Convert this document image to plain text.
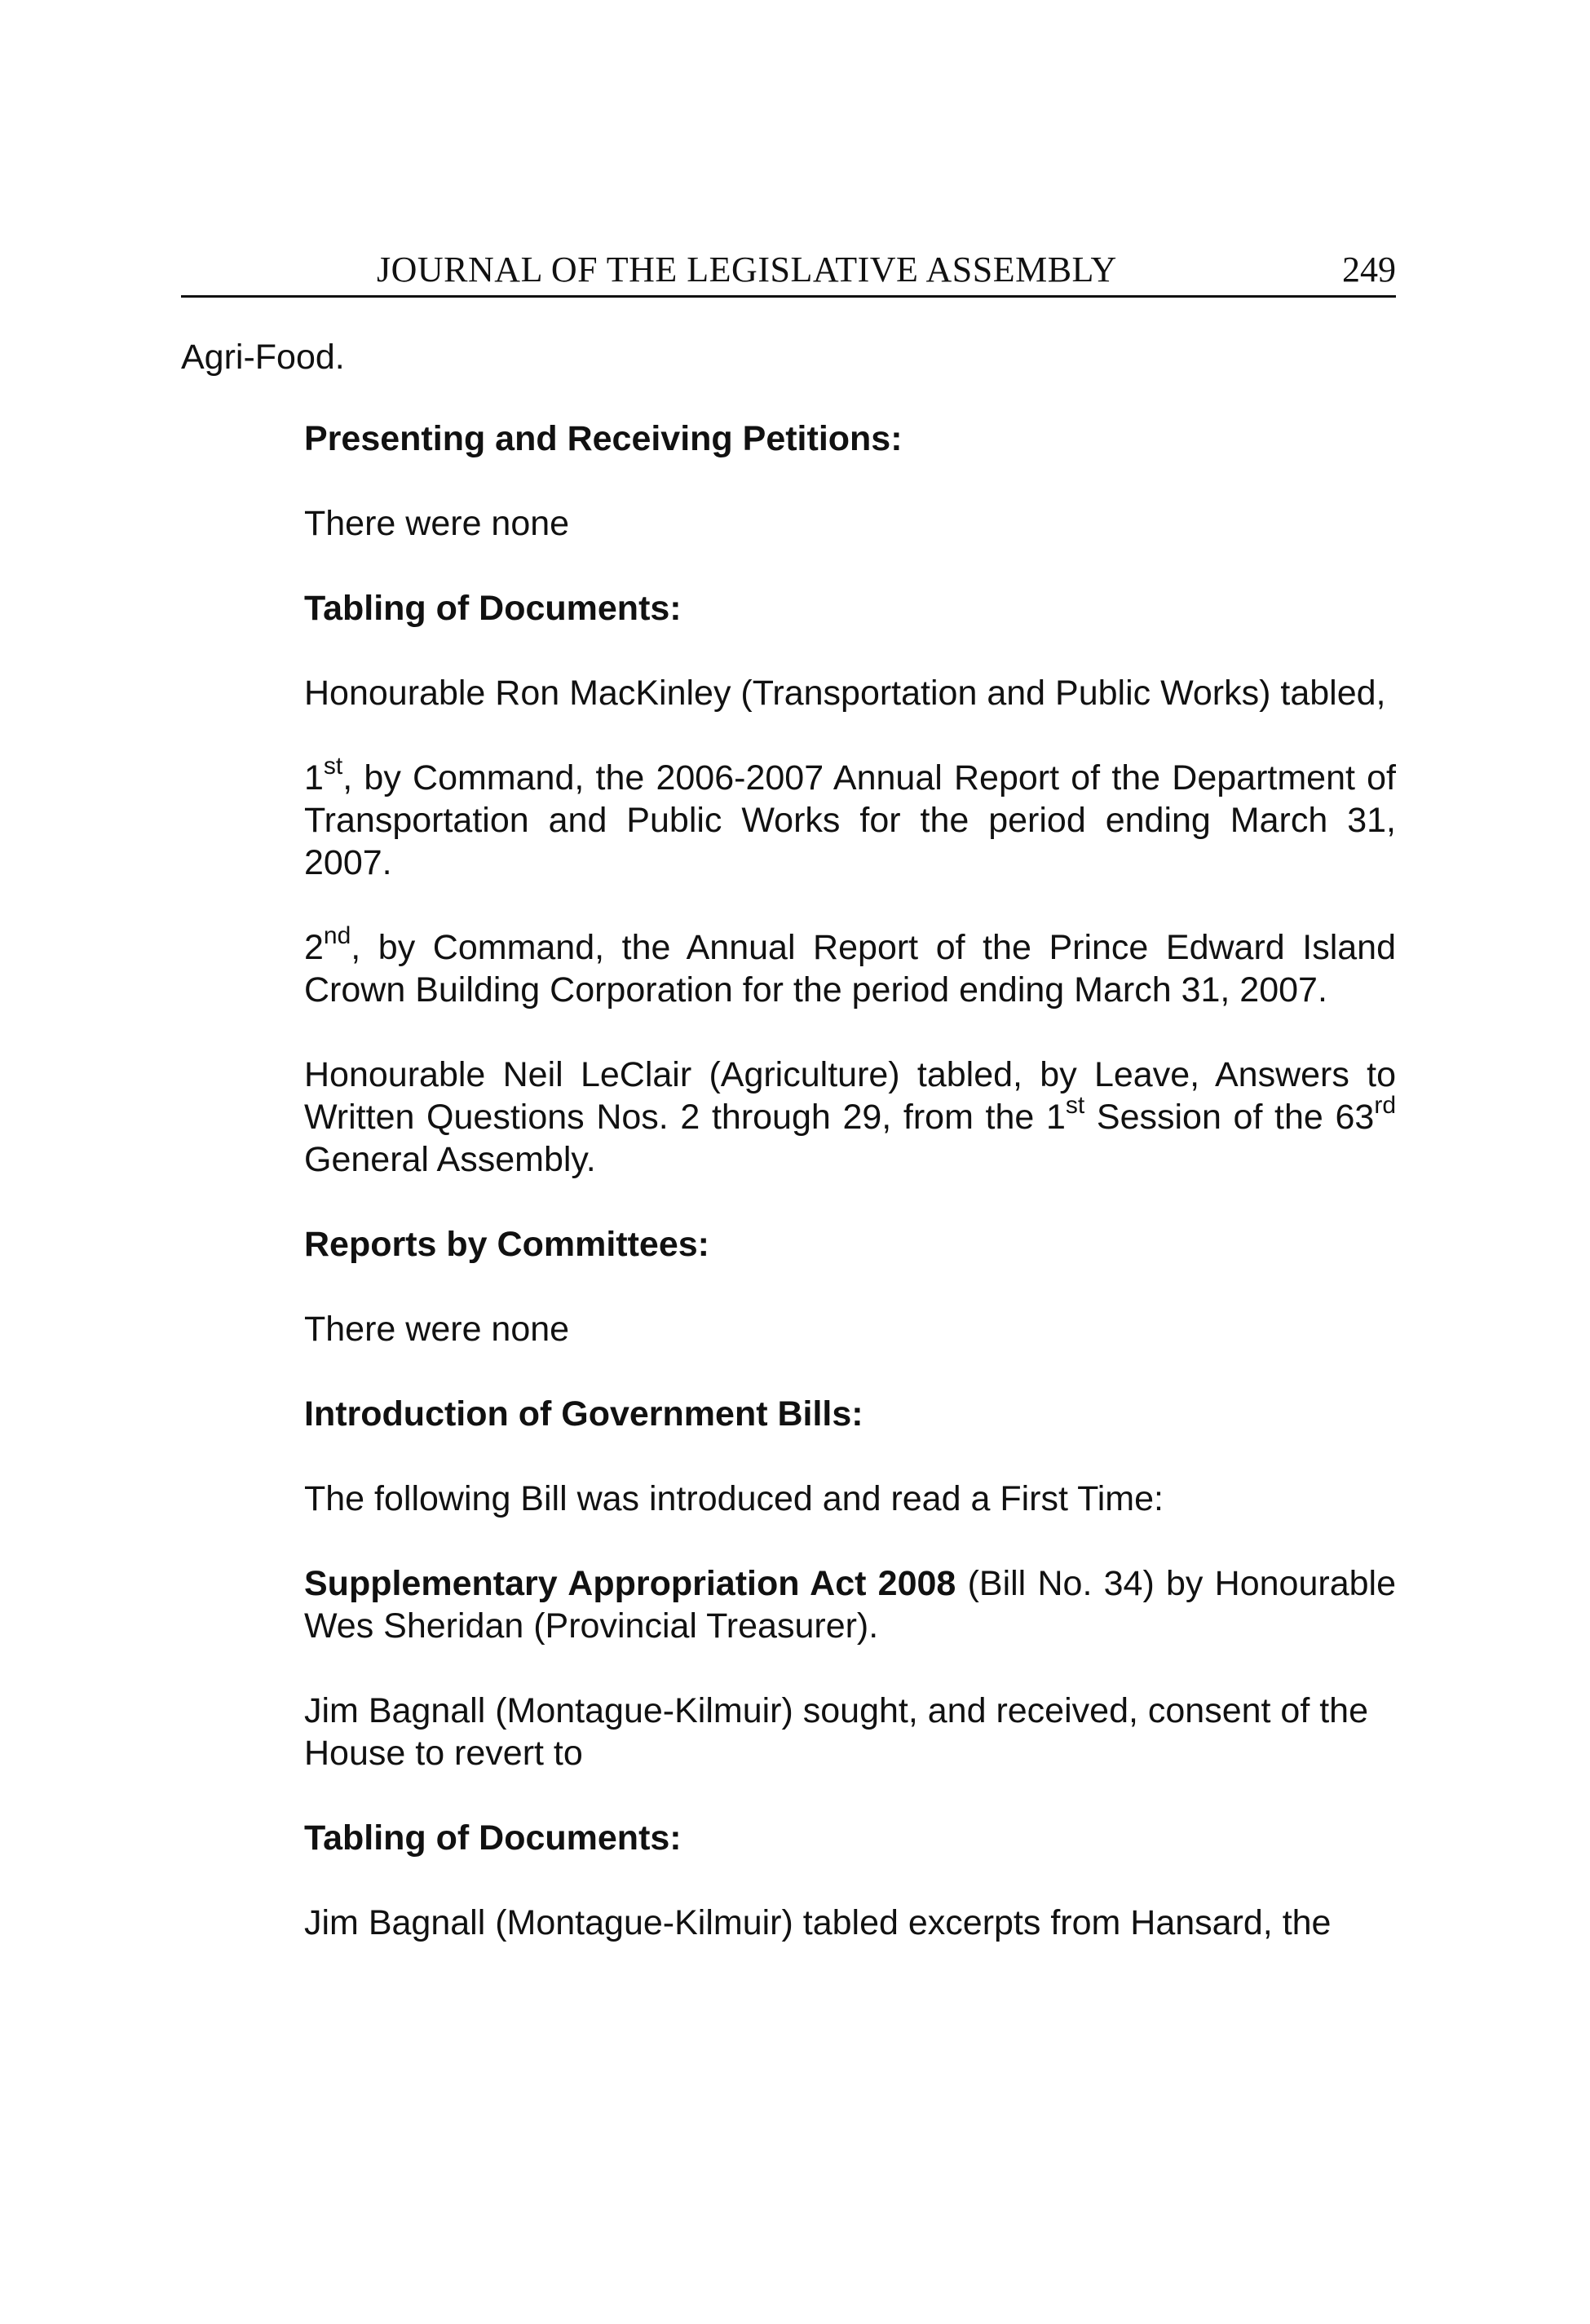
JOURNAL OF THE LEGISLATIVE ASSEMBLY	249
Agri-Food.
Presenting and Receiving Petitions:
There were none
Tabling of Documents:
Honourable Ron MacKinley (Transportation and Public Works) tabled,
1st, by Command, the 2006-2007 Annual Report of the Department of Transportation and Public Works for the period ending March 31, 2007.
2nd, by Command, the Annual Report of the Prince Edward Island Crown Building Corporation for the period ending March 31, 2007.
Honourable Neil LeClair (Agriculture) tabled, by Leave, Answers to Written Questions Nos. 2 through 29, from the 1st Session of the 63rd General Assembly.
Reports by Committees:
There were none
Introduction of Government Bills:
The following Bill was introduced and read a First Time:
Supplementary Appropriation Act 2008 (Bill No. 34) by Honourable Wes Sheridan (Provincial Treasurer).
Jim Bagnall (Montague-Kilmuir) sought, and received, consent of the House to revert to
Tabling of Documents:
Jim Bagnall (Montague-Kilmuir) tabled excerpts from Hansard, the
